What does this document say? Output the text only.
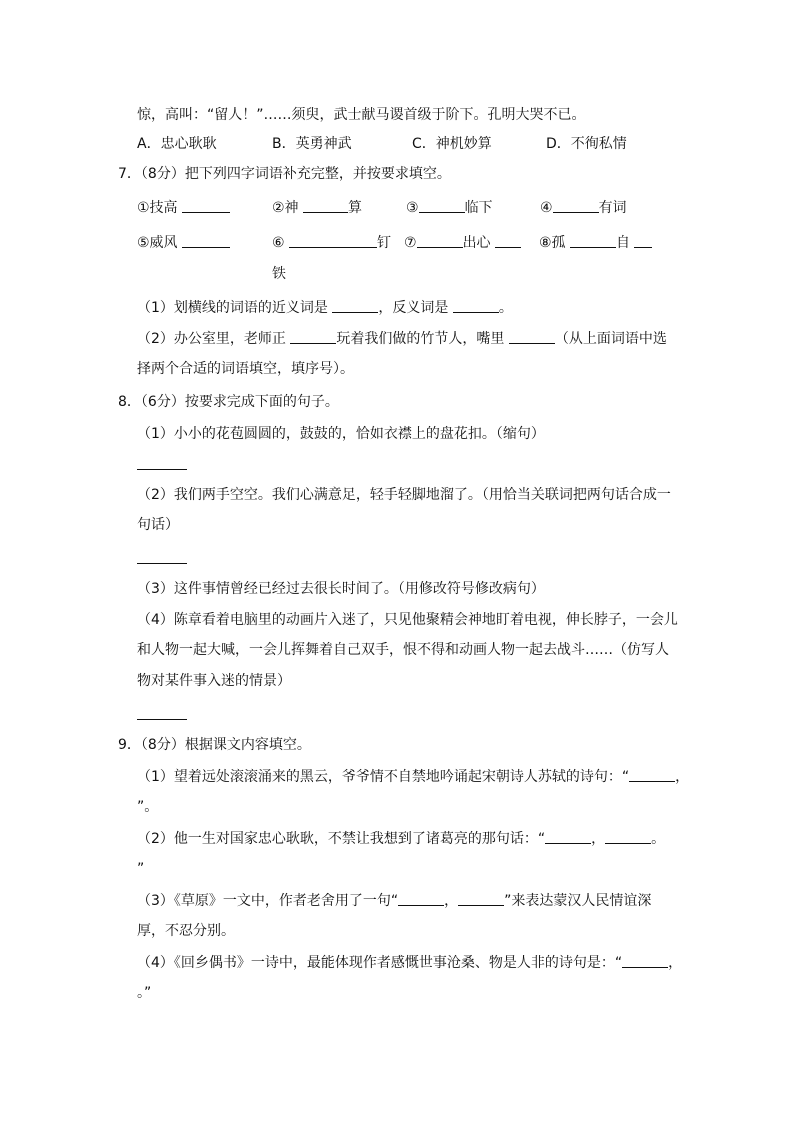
惊，高叫：“留人！”……须臾，武士献马谡首级于阶下。孔明大哭不已。
A．忠心耿耿	B．英勇神武	C．神机妙算	D．不徇私情
7．（8分）把下列四字词语补充完整，并按要求填空。
①技高	②神	算	③	临下	④	有词
⑤威风	⑥	钉
铁
⑦	出心	⑧孤	自
（1）划横线的词语的近义词是	，反义词是	。
（2）办公室里，老师正	玩着我们做的竹节人，嘴里	（从上面词语中选
择两个合适的词语填空，填序号）。
8．（6分）按要求完成下面的句子。
（1）小小的花苞圆圆的，鼓鼓的，恰如衣襟上的盘花扣。（缩句）
（2）我们两手空空。我们心满意足，轻手轻脚地溜了。（用恰当关联词把两句话合成一
句话）
（3）这件事情曾经已经过去很长时间了。（用修改符号修改病句）
（4）陈章看着电脑里的动画片入迷了，只见他聚精会神地盯着电视，伸长脖子，一会儿
和人物一起大喊，一会儿挥舞着自己双手，恨不得和动画人物一起去战斗……（仿写人
物对某件事入迷的情景）
9．（8分）根据课文内容填空。
（1）望着远处滚滚涌来的黑云，爷爷情不自禁地吟诵起宋朝诗人苏轼的诗句：“	，
”。
（2）他一生对国家忠心耿耿，不禁让我想到了诸葛亮的那句话：“	，	。
”
（3）《草原》一文中，作者老舍用了一句“	，	”来表达蒙汉人民情谊深
厚，不忍分别。
（4）《回乡偶书》一诗中，最能体现作者感慨世事沧桑、物是人非的诗句是：“	，
。”
